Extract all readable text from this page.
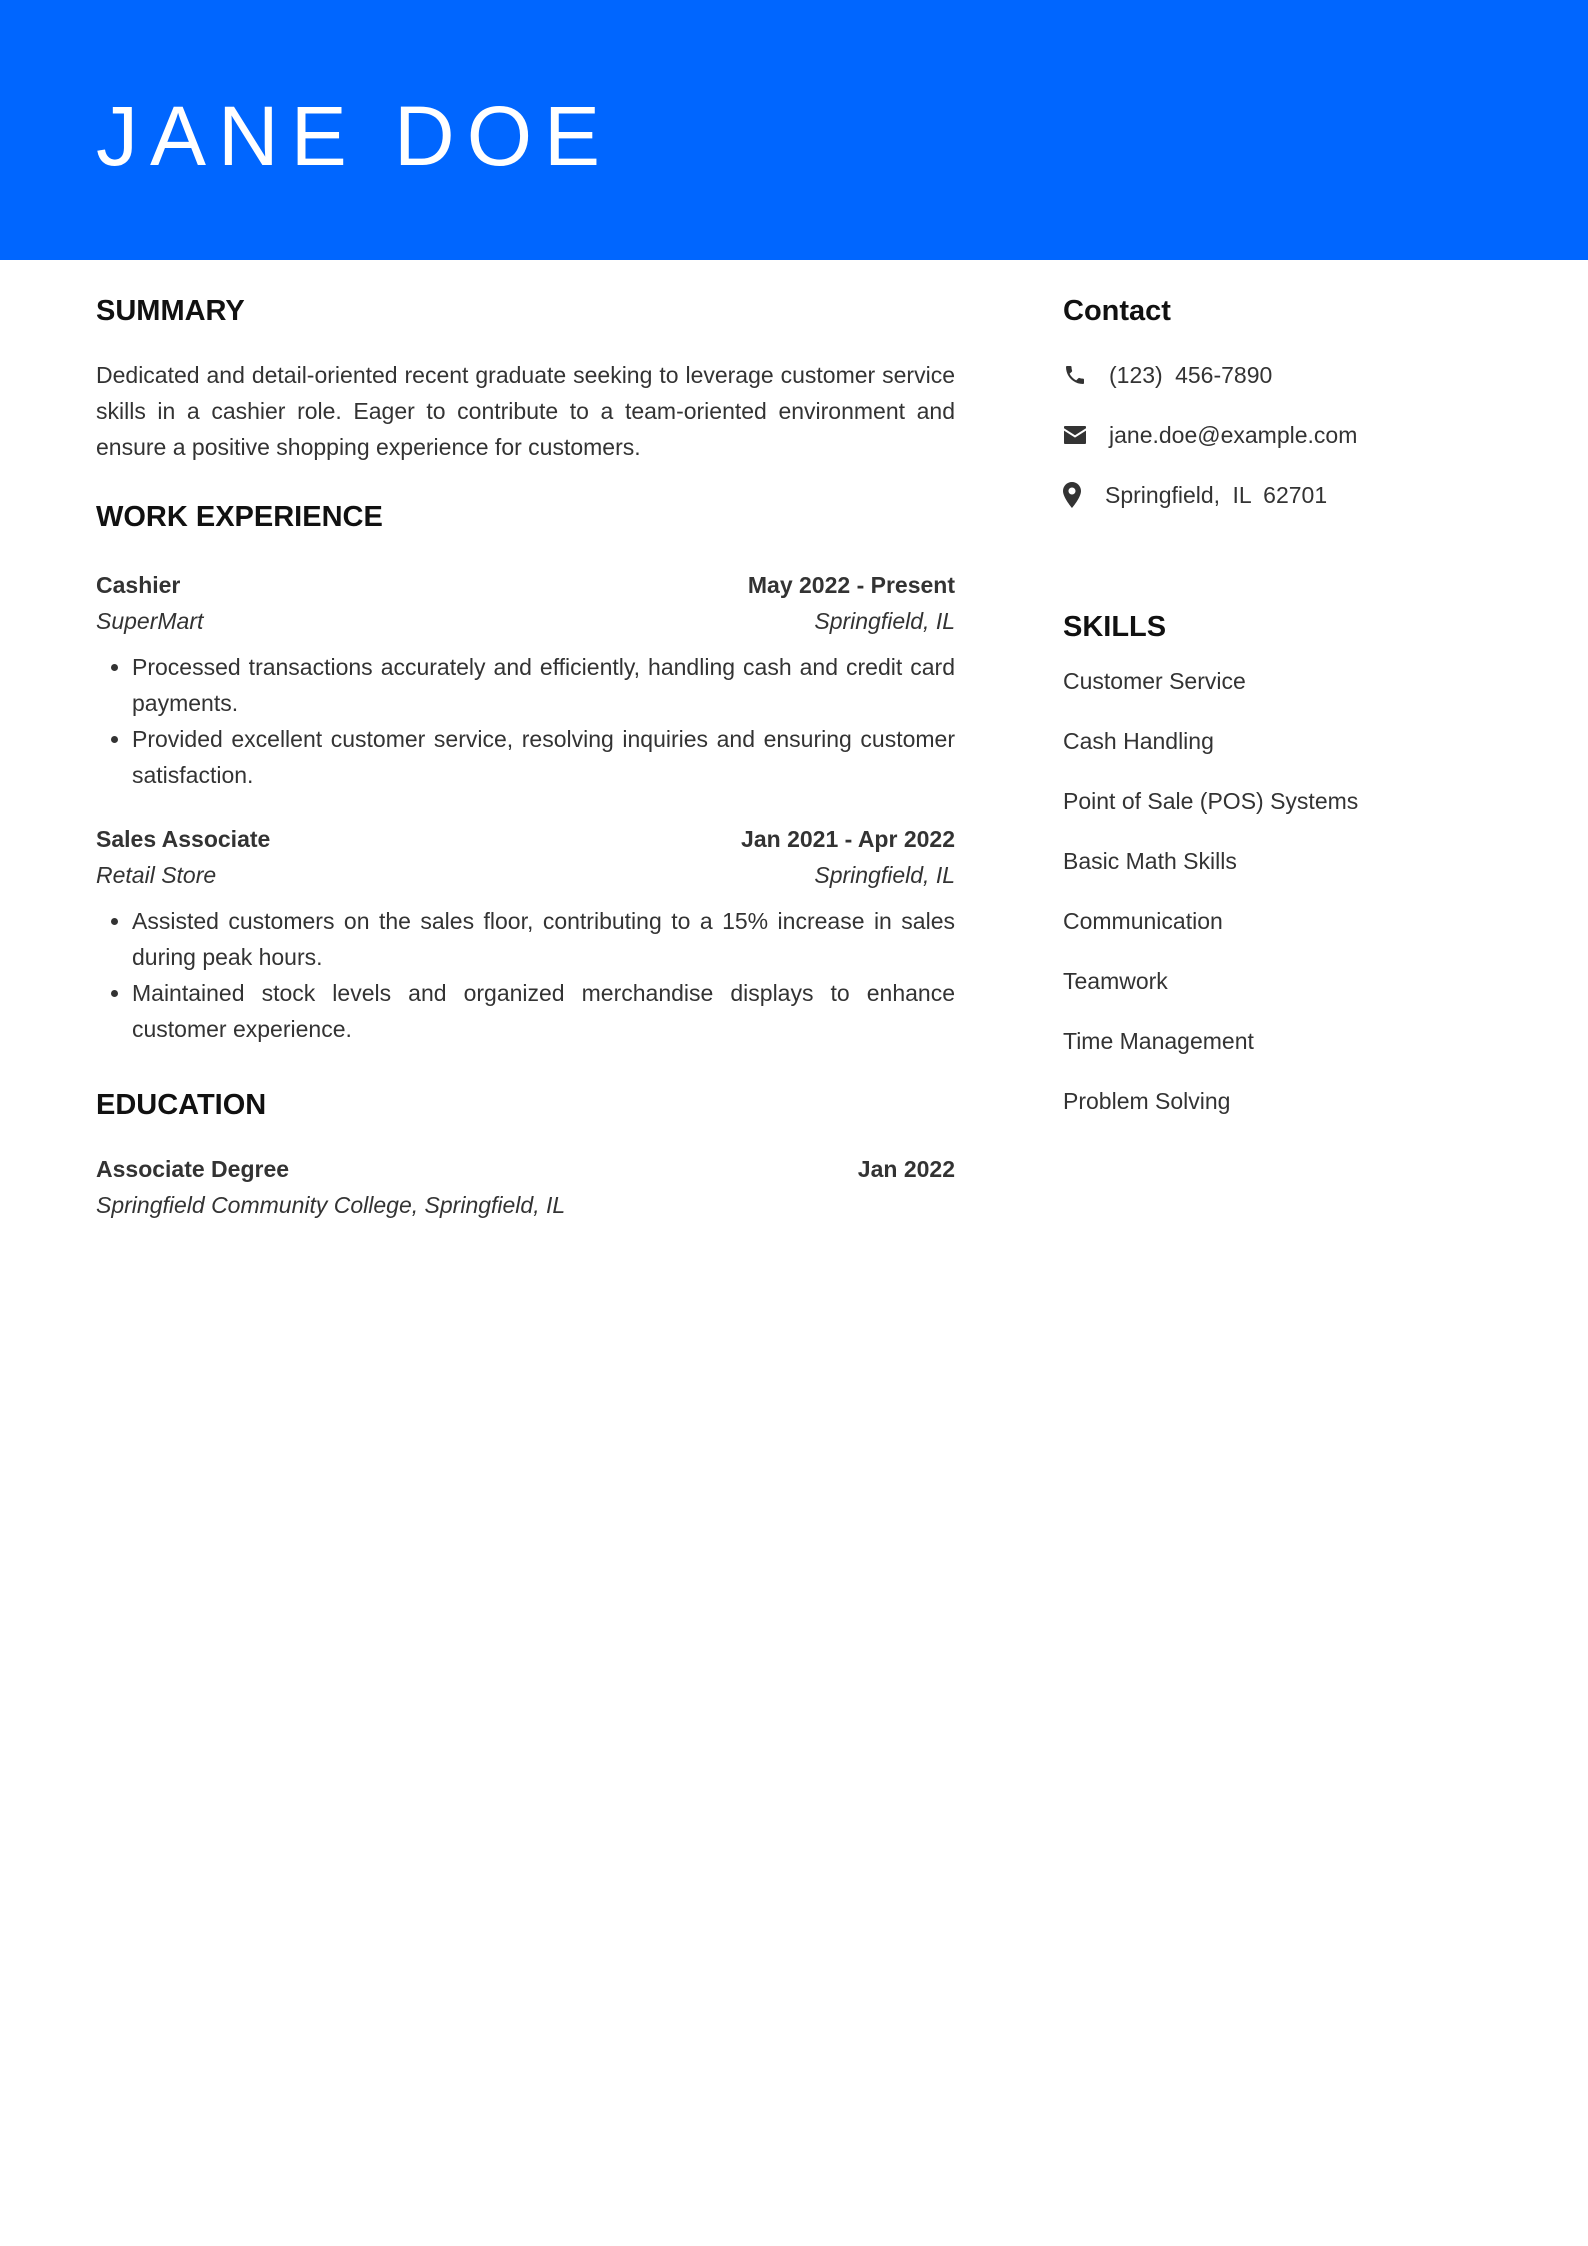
JANE DOE
SUMMARY

Dedicated and detail-oriented recent graduate seeking to leverage customer service skills in a cashier role. Eager to contribute to a team-oriented environment and ensure a positive shopping experience for customers.

WORK EXPERIENCE
Cashier	May 2022 - Present
SuperMart	Springfield, IL
• Processed transactions accurately and efficiently, handling cash and credit card payments.
• Provided excellent customer service, resolving inquiries and ensuring customer satisfaction.
Sales Associate	Jan 2021 - Apr 2022
Retail Store	Springfield, IL
• Assisted customers on the sales floor, contributing to a 15% increase in sales during peak hours.
• Maintained stock levels and organized merchandise displays to enhance customer experience.
EDUCATION
Associate Degree	Jan 2022
Springfield Community College, Springfield, IL
Contact
(123) 456-7890
jane.doe@example.com
Springfield, IL 62701
SKILLS
Customer Service
Cash Handling
Point of Sale (POS) Systems
Basic Math Skills
Communication
Teamwork
Time Management
Problem Solving
